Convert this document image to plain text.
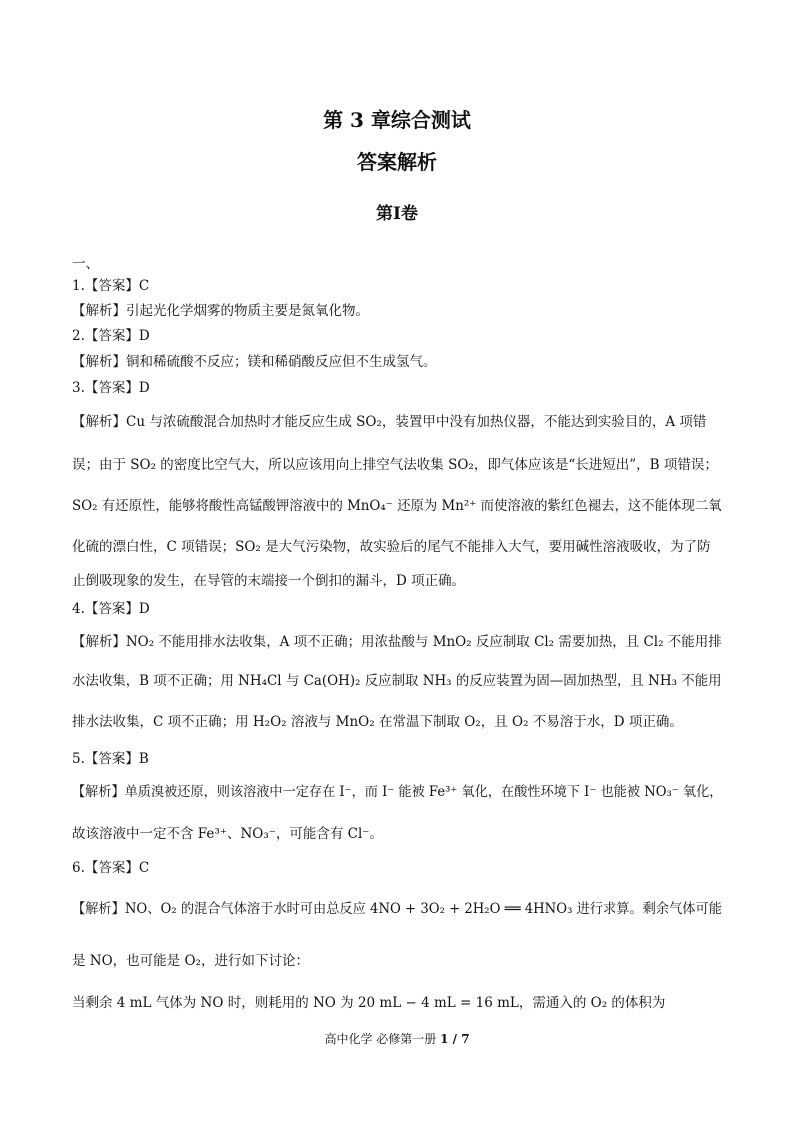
第 3 章综合测试
答案解析
第Ⅰ卷
一、
1.【答案】C
【解析】引起光化学烟雾的物质主要是氮氧化物。
2.【答案】D
【解析】铜和稀硫酸不反应；镁和稀硝酸反应但不生成氢气。
3.【答案】D
【解析】Cu 与浓硫酸混合加热时才能反应生成 SO₂，装置甲中没有加热仪器，不能达到实验目的，A 项错
误；由于 SO₂ 的密度比空气大，所以应该用向上排空气法收集 SO₂，即气体应该是“长进短出”，B 项错误；
SO₂ 有还原性，能够将酸性高锰酸钾溶液中的 MnO₄⁻ 还原为 Mn²⁺ 而使溶液的紫红色褪去，这不能体现二氧
化硫的漂白性，C 项错误；SO₂ 是大气污染物，故实验后的尾气不能排入大气，要用碱性溶液吸收，为了防
止倒吸现象的发生，在导管的末端接一个倒扣的漏斗，D 项正确。
4.【答案】D
【解析】NO₂ 不能用排水法收集，A 项不正确；用浓盐酸与 MnO₂ 反应制取 Cl₂ 需要加热，且 Cl₂ 不能用排
水法收集，B 项不正确；用 NH₄Cl 与 Ca(OH)₂ 反应制取 NH₃ 的反应装置为固—固加热型，且 NH₃ 不能用
排水法收集，C 项不正确；用 H₂O₂ 溶液与 MnO₂ 在常温下制取 O₂，且 O₂ 不易溶于水，D 项正确。
5.【答案】B
【解析】单质溴被还原，则该溶液中一定存在 I⁻，而 I⁻ 能被 Fe³⁺ 氧化，在酸性环境下 I⁻ 也能被 NO₃⁻ 氧化，
故该溶液中一定不含 Fe³⁺、NO₃⁻，可能含有 Cl⁻。
6.【答案】C
【解析】NO、O₂ 的混合气体溶于水时可由总反应 4NO + 3O₂ + 2H₂O ══ 4HNO₃ 进行求算。剩余气体可能
是 NO，也可能是 O₂，进行如下讨论：
当剩余 4 mL 气体为 NO 时，则耗用的 NO 为 20 mL − 4 mL = 16 mL，需通入的 O₂ 的体积为
高中化学 必修第一册 1 / 7
